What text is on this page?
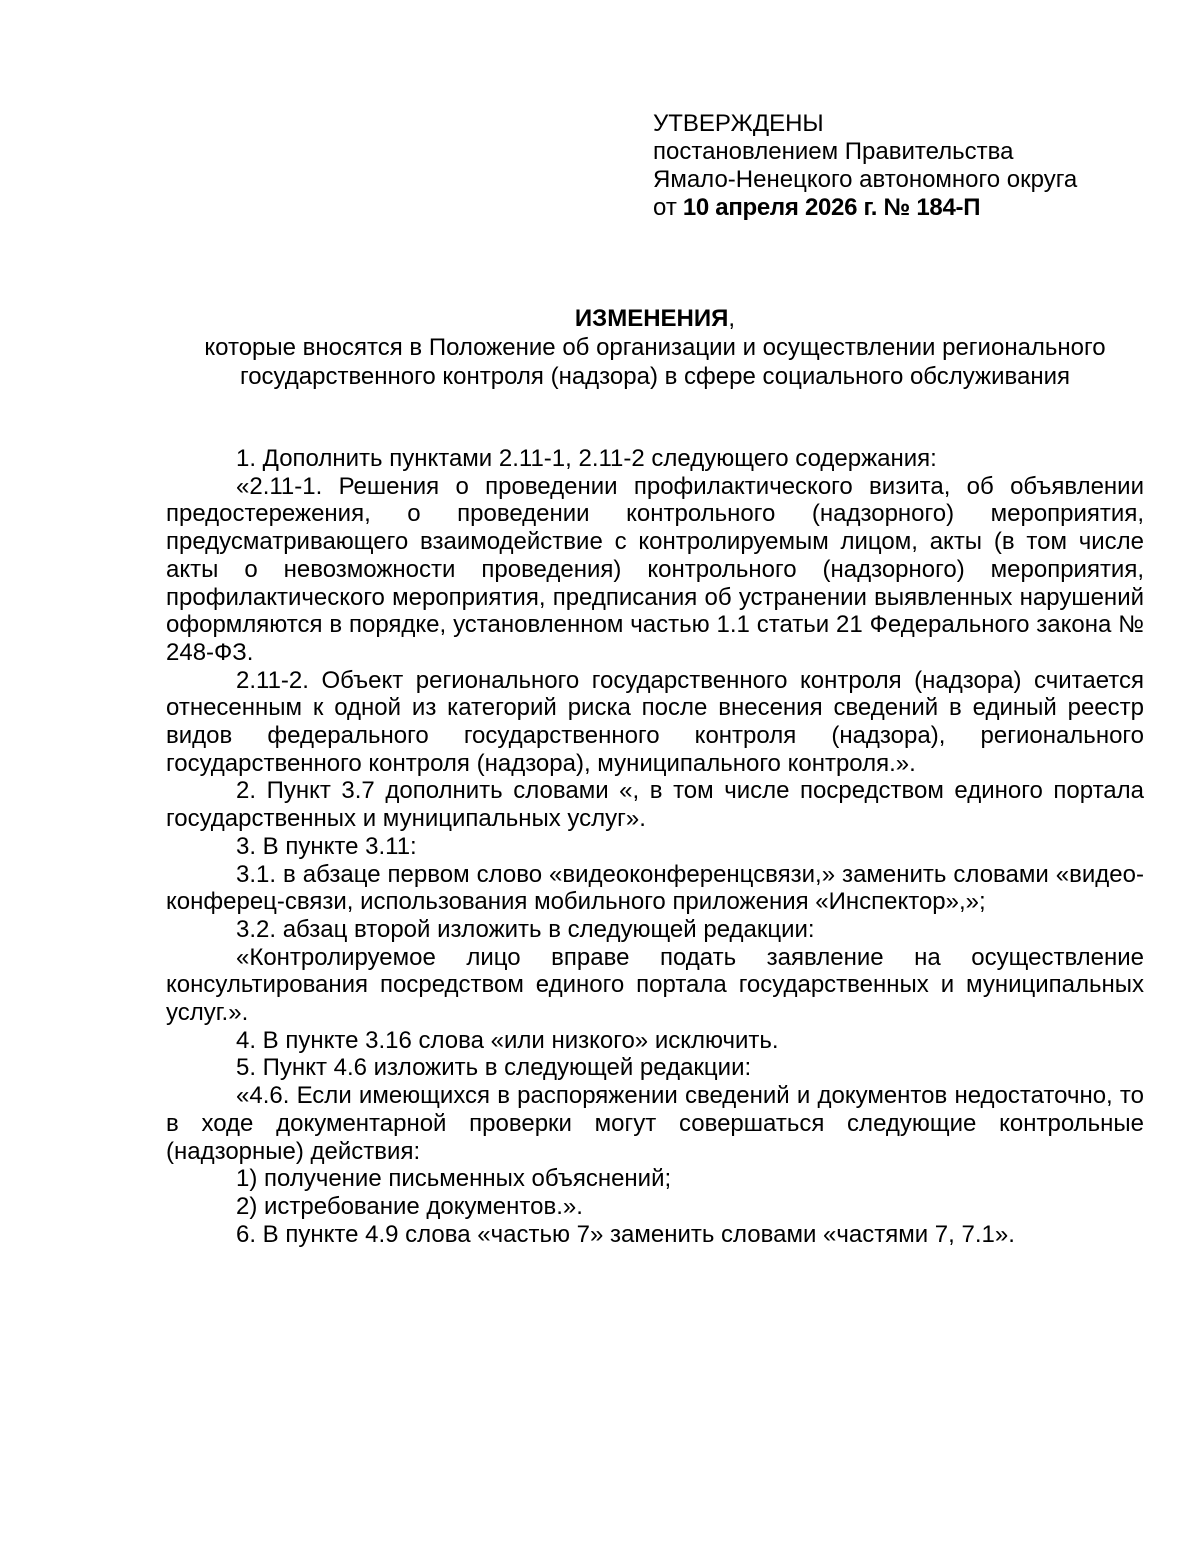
УТВЕРЖДЕНЫ

постановлением Правительства

Ямало-Ненецкого автономного округа

от 10 апреля 2026 г. № 184-П

ИЗМЕНЕНИЯ,

которые вносятся в Положение об организации и осуществлении регионального

государственного контроля (надзора) в сфере социального обслуживания

1. Дополнить пунктами 2.11-1, 2.11-2 следующего содержания:

«2.11-1. Решения о проведении профилактического визита, об объявлении предостережения, о проведении контрольного (надзорного) мероприятия, предусматривающего взаимодействие с контролируемым лицом, акты (в том числе акты о невозможности проведения) контрольного (надзорного) мероприятия, профилактического мероприятия, предписания об устранении выявленных нарушений оформляются в порядке, установленном частью 1.1 статьи 21 Федерального закона № 248-ФЗ.

2.11-2. Объект регионального государственного контроля (надзора) считается отнесенным к одной из категорий риска после внесения сведений в единый реестр видов федерального государственного контроля (надзора), регионального государственного контроля (надзора), муниципального контроля.».

2. Пункт 3.7 дополнить словами «, в том числе посредством единого портала государственных и муниципальных услуг».

3. В пункте 3.11:

3.1. в абзаце первом слово «видеоконференцсвязи,» заменить словами «видео-конферец-связи, использования мобильного приложения «Инспектор»,»;

3.2. абзац второй изложить в следующей редакции:

«Контролируемое лицо вправе подать заявление на осуществление консультирования посредством единого портала государственных и муниципальных услуг.».

4. В пункте 3.16 слова «или низкого» исключить.

5. Пункт 4.6 изложить в следующей редакции:

«4.6. Если имеющихся в распоряжении сведений и документов недостаточно, то в ходе документарной проверки могут совершаться следующие контрольные (надзорные) действия:

1) получение письменных объяснений;

2) истребование документов.».

6. В пункте 4.9 слова «частью 7» заменить словами «частями 7, 7.1».
